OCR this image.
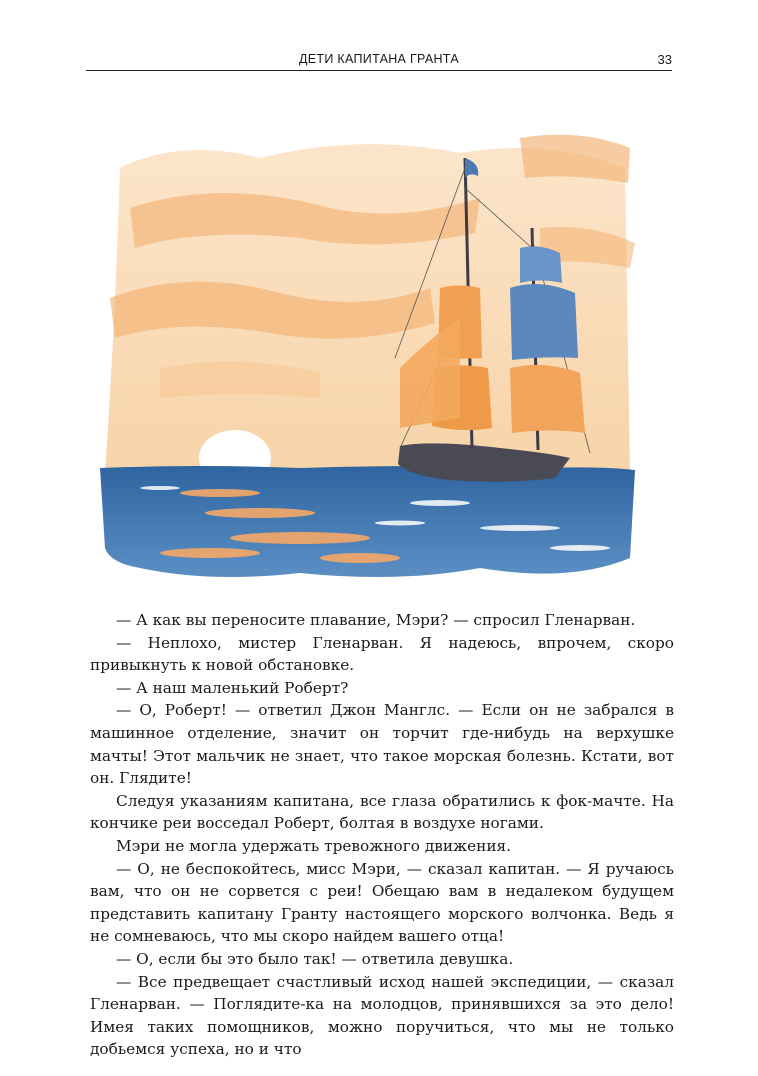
ДЕТИ КАПИТАНА ГРАНТА	33

— А как вы переносите плавание, Мэри? — спросил Гленарван.

— Неплохо, мистер Гленарван. Я надеюсь, впрочем, скоро привыкнуть к новой обстановке.

— А наш маленький Роберт?

— О, Роберт! — ответил Джон Манглс. — Если он не забрался в машинное отделение, значит он торчит где-нибудь на верхушке мачты! Этот мальчик не знает, что такое морская болезнь. Кстати, вот он. Глядите!

Следуя указаниям капитана, все глаза обратились к фок-мачте. На кончике реи восседал Роберт, болтая в воздухе ногами.

Мэри не могла удержать тревожного движения.

— О, не беспокойтесь, мисс Мэри, — сказал капитан. — Я ручаюсь вам, что он не сорвется с реи! Обещаю вам в недалеком будущем представить капитану Гранту настоящего морского волчонка. Ведь я не сомневаюсь, что мы скоро найдем вашего отца!

— О, если бы это было так! — ответила девушка.

— Все предвещает счастливый исход нашей экспедиции, — сказал Гленарван. — Поглядите-ка на молодцов, принявшихся за это дело! Имея таких помощников, можно поручиться, что мы не только добьемся успеха, но и что
